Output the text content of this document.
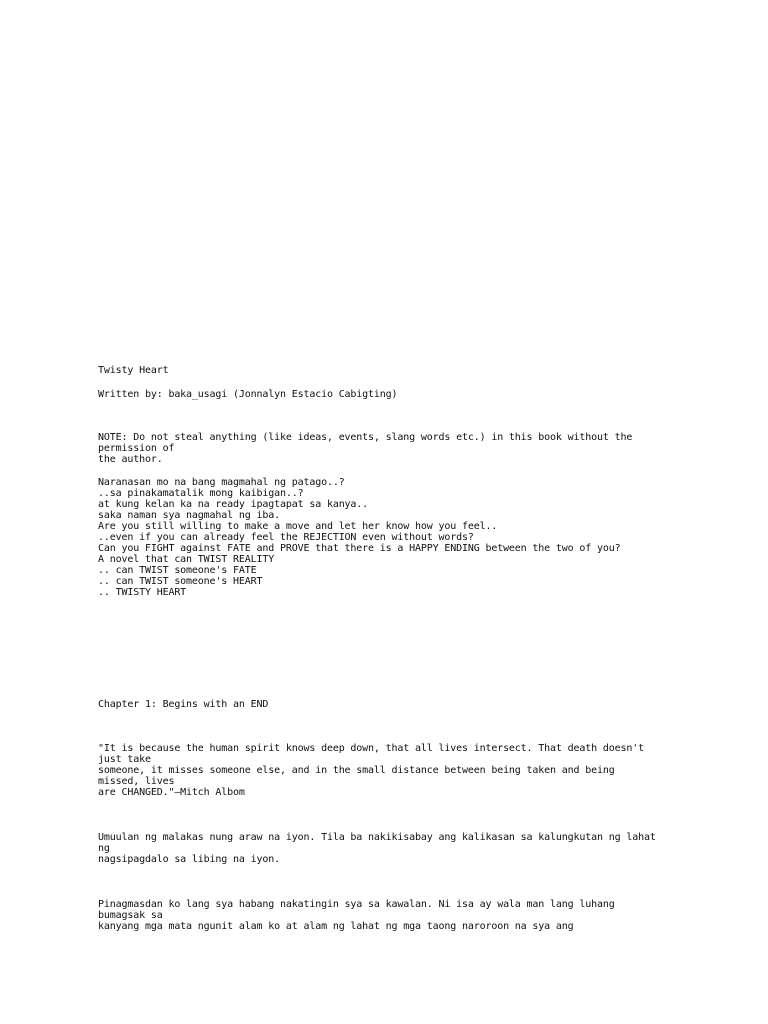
Twisty Heart
Written by: baka_usagi (Jonnalyn Estacio Cabigting)
NOTE: Do not steal anything (like ideas, events, slang words etc.) in this book without the
permission of
the author.
Naranasan mo na bang magmahal ng patago..?
..sa pinakamatalik mong kaibigan..?
at kung kelan ka na ready ipagtapat sa kanya..
saka naman sya nagmahal ng iba.
Are you still willing to make a move and let her know how you feel..
..even if you can already feel the REJECTION even without words?
Can you FIGHT against FATE and PROVE that there is a HAPPY ENDING between the two of you?
A novel that can TWIST REALITY
.. can TWIST someone's FATE
.. can TWIST someone's HEART
.. TWISTY HEART
Chapter 1: Begins with an END
"It is because the human spirit knows deep down, that all lives intersect. That death doesn't
just take
someone, it misses someone else, and in the small distance between being taken and being
missed, lives
are CHANGED."—Mitch Albom
Umuulan ng malakas nung araw na iyon. Tila ba nakikisabay ang kalikasan sa kalungkutan ng lahat
ng
nagsipagdalo sa libing na iyon.
Pinagmasdan ko lang sya habang nakatingin sya sa kawalan. Ni isa ay wala man lang luhang
bumagsak sa
kanyang mga mata ngunit alam ko at alam ng lahat ng mga taong naroroon na sya ang
